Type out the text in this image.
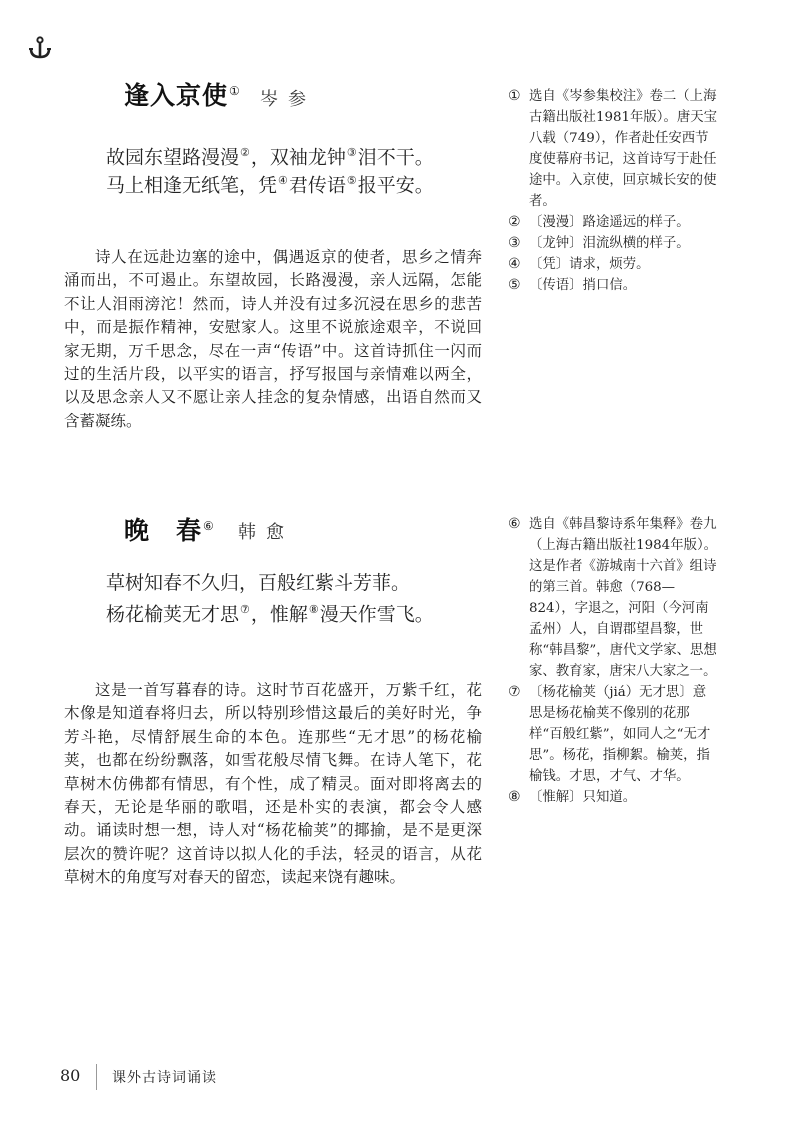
逢入京使① 岑参
故园东望路漫漫②，双袖龙钟③泪不干。
马上相逢无纸笔，凭④君传语⑤报平安。

诗人在远赴边塞的途中，偶遇返京的使者，思乡之情奔涌而出，不可遏止。东望故园，长路漫漫，亲人远隔，怎能不让人泪雨滂沱！然而，诗人并没有过多沉浸在思乡的悲苦中，而是振作精神，安慰家人。这里不说旅途艰辛，不说回家无期，万千思念，尽在一声“传语”中。这首诗抓住一闪而过的生活片段，以平实的语言，抒写报国与亲情难以两全，以及思念亲人又不愿让亲人挂念的复杂情感，出语自然而又含蓄凝练。

① 选自《岑参集校注》卷二（上海古籍出版社1981年版）。唐天宝八载（749），作者赴任安西节度使幕府书记，这首诗写于赴任途中。入京使，回京城长安的使者。
② 〔漫漫〕路途遥远的样子。
③ 〔龙钟〕泪流纵横的样子。
④ 〔凭〕请求，烦劳。
⑤ 〔传语〕捎口信。
晚　春⑥ 韩愈
草树知春不久归，百般红紫斗芳菲。
杨花榆荚无才思⑦，惟解⑧漫天作雪飞。

这是一首写暮春的诗。这时节百花盛开，万紫千红，花木像是知道春将归去，所以特别珍惜这最后的美好时光，争芳斗艳，尽情舒展生命的本色。连那些“无才思”的杨花榆荚，也都在纷纷飘落，如雪花般尽情飞舞。在诗人笔下，花草树木仿佛都有情思，有个性，成了精灵。面对即将离去的春天，无论是华丽的歌唱，还是朴实的表演，都会令人感动。诵读时想一想，诗人对“杨花榆荚”的揶揄，是不是更深层次的赞许呢？这首诗以拟人化的手法，轻灵的语言，从花草树木的角度写对春天的留恋，读起来饶有趣味。

⑥ 选自《韩昌黎诗系年集释》卷九（上海古籍出版社1984年版）。这是作者《游城南十六首》组诗的第三首。韩愈（768—824），字退之，河阳（今河南孟州）人，自谓郡望昌黎，世称“韩昌黎”，唐代文学家、思想家、教育家，唐宋八大家之一。
⑦ 〔杨花榆荚（jiá）无才思〕意思是杨花榆荚不像别的花那样“百般红紫”，如同人之“无才思”。杨花，指柳絮。榆荚，指榆钱。才思，才气、才华。
⑧ 〔惟解〕只知道。
80 课外古诗词诵读
